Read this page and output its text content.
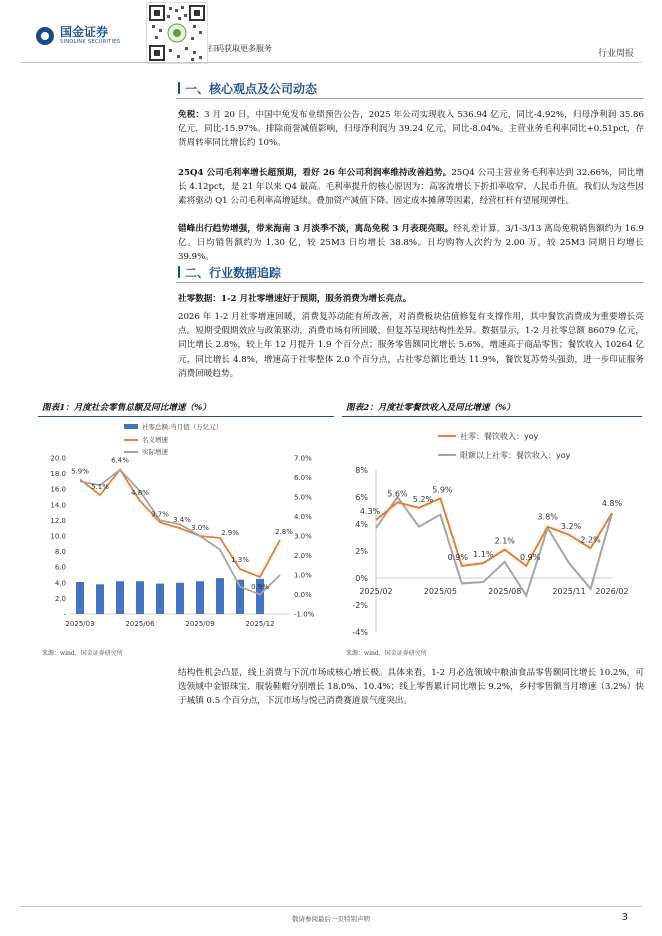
国金证券
SINOLINK SECURITIES
扫码获取更多服务
行业周报
一、核心观点及公司动态
免税：3 月 20 日，中国中免发布业绩预告公告，2025 年公司实现收入 536.94 亿元，同比-4.92%，归母净利润 35.86 亿元，同比-15.97%。排除商誉减值影响，归母净利润为 39.24 亿元，同比-8.04%。主营业务毛利率同比+0.51pct，存货周转率同比增长约 10%。
25Q4 公司毛利率增长超预期，看好 26 年公司利润率维持改善趋势。25Q4 公司主营业务毛利率达到 32.66%，同比增长 4.12pct，是 21 年以来 Q4 最高。毛利率提升的核心原因为：高客流增长下折扣率收窄、人民币升值。我们认为这些因素将驱动 Q1 公司毛利率高增延续。叠加资产减值下降、固定成本摊薄等因素，经营杠杆有望展现弹性。
错峰出行趋势增强，带来海南 3 月淡季不淡，离岛免税 3 月表现亮眼。经礼差计算，3/1-3/13 离岛免税销售额约为 16.9 亿。日均销售额约为 1.30 亿，较 25M3 日均增长 38.8%。日均购物人次约为 2.00 万，较 25M3 同期日均增长 39.9%。
二、行业数据追踪
社零数据：1-2 月社零增速好于预期，服务消费为增长亮点。
2026 年 1-2 月社零增速回暖，消费复苏动能有所改善，对消费板块估值修复有支撑作用，其中餐饮消费成为重要增长亮点。短期受假期效应与政策驱动，消费市场有所回暖，但复苏呈现结构性差异。数据显示，1-2 月社零总额 86079 亿元，同比增长 2.8%，较上年 12 月提升 1.9 个百分点；服务零售额同比增长 5.6%，增速高于商品零售；餐饮收入 10264 亿元，同比增长 4.8%，增速高于社零整体 2.0 个百分点，占社零总额比重达 11.9%，餐饮复苏势头强劲，进一步印证服务消费回暖趋势。
图表1：月度社会零售总额及同比增速（%）	图表2：月度社零餐饮收入及同比增速（%）
社零总额:当月值（万亿元）
名义增速
实际增速
20.0
18.0
16.0
14.0
12.0
10.0
8.0
6.0
4.0
2.0
-
7.0%
6.0%
5.0%
4.0%
3.0%
2.0%
1.0%
0.0%
-1.0%
2025/03	2025/06	2025/09	2025/12
5.9%
5.1%
6.4%
4.8%
3.7%
3.4%
3.0%
2.9%
1.3%
0.9%
2.8%
社零：餐饮收入：yoy
限额以上社零：餐饮收入：yoy
8%
6%
4%
2%
0%
-2%
-4%
2025/02	2025/05	2025/08	2025/11 2026/02
4.3%
5.6%
5.2%
5.9%
0.9% 1.1%
2.1%
0.9%
3.8%
3.2%
2.2%
4.8%
来源：wind，国金证券研究所	来源：wind，国金证券研究所
结构性机会凸显，线上消费与下沉市场成核心增长极。具体来看，1-2 月必选领域中粮油食品零售额同比增长 10.2%，可选领域中金银珠宝、服装鞋帽分别增长 18.0%、10.4%；线上零售累计同比增长 9.2%，乡村零售额当月增速（3.2%）快于城镇 0.5 个百分点，下沉市场与悦己消费赛道景气度突出。
敬请参阅最后一页特别声明	3
